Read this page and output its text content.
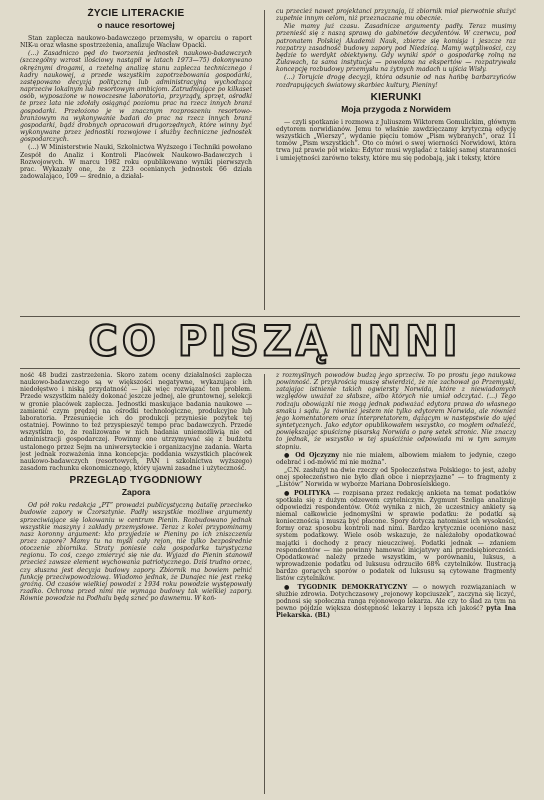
ŻYCIE LITERACKIE
o nauce resortowej

Stan zaplecza naukowo-badawczego przemysłu, w oparciu o raport NIK-u oraz własne spostrzeżenia, analizuje Wacław Opacki.

(...) Zasadniczo pęd do tworzenia jednostek naukowo-badawczych (szczególny wzrost ilościowy nastąpił w latach 1973—75) dokonywano okrężnymi drogami, a rzetelną analizę stanu zaplecza technicznego i kadry naukowej, a przede wszystkim zapotrzebowania gospodarki, zastępowano decyzją polityczną lub administracyjną wychodzącą naprzeciw lokalnym lub resortowym ambicjom. Zatrudniające po kilkaset osób, wyposażone w nowoczesne laboratoria, przyrządy, sprzęt, ośrodki te przez lata nie zdołały osiągnąć poziomu prac na rzecz innych branż gospodarki. Przełożono je w znacznym rozproszeniu resortowo-branżowym na wykonywanie badań do prac na rzecz innych branż gospodarki, bądź drobnych opracowań drugorzędnych, które winny być wykonywane przez jednostki rozwojowe i służby techniczne jednostek gospodarczych.

(...) W Ministerstwie Nauki, Szkolnictwa Wyższego i Techniki powołano Zespół do Analiz i Kontroli Placówek Naukowo-Badawczych i Rozwojowych. W marcu 1982 roku opublikowano wyniki pierwszych prac. Wykazały one, że z 223 ocenianych jednostek 66 działa zadowalająco, 109 — średnio, a działal-

cu przecież nawet projektanci przyznają, iż zbiornik miał pierwotnie służyć zupełnie innym celom, niż przeznaczane mu obecnie.

Nie mamy już czasu. Zasadnicze argumenty padły. Teraz musimy przenieść się z naszą sprawą do gabinetów decydentów. W czerwcu, pod patronatem Polskiej Akademii Nauk, zbierze się komisja i jeszcze raz rozpatrzy zasadność budowy zapory pod Niedzicą. Mamy wątpliwości, czy będzie to werdykt obiektywny. Gdy wyniki spór o gospodarkę rolną na Żuławach, ta sama instytucja — powołana na ekspertów — rozpatrywała koncepcję rozbudowy przemysłu na żytnych madach u ujścia Wisły.

(...) Torujcie drogę decyzji, która odsunie od nas hańbę barbarzyńców rozdrapujących światowy skarbiec kultury, Pieniny!

KIERUNKI
Moja przygoda z Norwidem

— czyli spotkanie i rozmowa z Juliuszem Wiktorem Gomulickim, głównym edytorem norwidianów. Jemu to właśnie zawdzięczamy krytyczną edycję wszystkich „Wierszy”, wydanie pięciu tomów „Pism wybranych”, oraz 11 tomów „Pism wszystkich”. Oto co mówi o swej wierności Norwidowi, która trwa już prawie pół wieku: Edytor musi wyglądać z takiej samej staranności i umiejętności zarówno teksty, które mu się podobają, jak i teksty, które

CO PISZĄ INNI

ność 48 budzi zastrzeżenia. Skoro zatem oceny działalności zaplecza naukowo-badawczego są w większości negatywne, wykazujące ich niedołęstwo i niską przydatność — jak więc rozwiązać ten problem. Przede wszystkim należy dokonać jeszcze jednej, ale gruntownej, selekcji w gronie placówek zaplecza. Jednostki maskujące badania naukowe — zamienić czym prędzej na ośrodki technologiczne, produkcyjne lub laboratoria. Przesunięcie ich do produkcji przyniesie pożytek tej ostatniej. Powinno to też przyspieszyć tempo prac badawczych. Przede wszystkim to, że realizowane w nich badania uniemożliwią nie od administracji gospodarczej. Powinny one utrzymywać się z budżetu ustalonego przez Sejm na uniwersyteckie i organizacyjne zadania. Warta jest jednak rozważenia inna koncepcja: poddania wszystkich placówek naukowo-badawczych (resortowych, PAN i szkolnictwa wyższego) zasadom rachunku ekonomicznego, który ujawni zasadne i użyteczność.

PRZEGLĄD TYGODNIOWY
Zapora

Od pół roku redakcja „PT” prowadzi publicystyczną batalię przeciwko budowie zapory w Czorsztynie. Padły wszystkie możliwe argumenty sprzeciwiające się lokowaniu w centrum Pienin. Rozbudowano jednak wszystkie maszyny i zakłady przemysłowe. Teraz z kolei przypominamy nasz koronny argument: kto przyjedzie w Pieniny po ich zniszczeniu przez zaporę? Mamy tu na myśli cały rejon, nie tylko bezpośrednie otoczenie zbiornika. Straty poniesie cała gospodarka turystyczna regionu. To coś, czego zmierzyć się nie da. Wyjazd do Pienin stanowił przecież zawsze element wychowania patriotycznego. Dziś trudno orzec, czy słuszna jest decyzja budowy zapory. Zbiornik ma bowiem pełnić funkcję przeciwpowodziową. Wiadomo jednak, że Dunajec nie jest rzeką groźną. Od czasów wielkiej powodzi z 1934 roku powodzie występowały rzadko. Ochrona przed nimi nie wymaga budowy tak wielkiej zapory. Równie powodzie na Podhalu będą szneć po dawnemu. W koń-

z rozmyślnych powodów budzą jego sprzeciw. To po prostu jego naukowa powinność. Z przykrością muszę stwierdzić, że nie zachował go Przemyski, zatajając istnienie takich ogwiersty Norwida, które z niewiadomych względów uważał za słabsze, albo których nie umiał odczytać. (...) Tego rodzaju obowiązki nie mogą jednak podważać edytora prawa do własnego smaku i sądu. Ja również jestem nie tylko edytorem Norwida, ale również jego komentatorem oraz interpretatorem, dążącym w następstwie do ujęć syntetycznych. Jako edytor opublikowałem wszystko, co mogłem odnaleźć, powiększając spuściznę pisarską Norwida o parę setek stronic. Nie znaczy to jednak, że wszystko w tej spuściźnie odpowiada mi w tym samym stopniu.

● Od Ojczyzny nie nie miałem, albowiem miałem to jedynie, czego odebrać i od-mówić mi nie można”.

„C.N. zasłużył na dwie rzeczy od Społeczeństwa Polskiego: to jest, ażeby onej społeczeństwo nie było dlań obce i nieprzyjazne” — to fragmenty z „Listów” Norwida w wyborze Mariana Dobrosielskiego.

● POLITYKA — rozpisana przez redakcję ankieta na temat podatków spotkała się z dużym odzewem czytelniczym. Zygmunt Szeliga analizuje odpowiedzi respondentów. Otóż wynika z nich, że uczestnicy ankiety są niemal całkowicie jednomyślni w sprawie podatku: że podatki są koniecznością i muszą być płacone. Spory dotyczą natomiast ich wysokości, formy oraz sposobu kontroli nad nimi. Bardzo krytycznie oceniono nasz system podatkowy. Wiele osób wskazuje, że należałoby opodatkować majątki i dochody z pracy nieuczciwej. Podatki jednak — zdaniem respondentów — nie powinny hamować inicjatywy ani przedsiębiorczości. Opodatkować należy przede wszystkim, w porównaniu, luksus, a wprowadzenie podatku od luksusu odrzuciło 68% czytelników. Ilustracją bardzo gorących sporów o podatek od luksusu są cytowane fragmenty listów czytelników.

● TYGODNIK DEMOKRATYCZNY — o nowych rozwiązaniach w służbie zdrowia. Dotychczasowy „rejonowy kopciuszek”, zaczyna się liczyć, podnosi się społeczna ranga rejonowego lekarza. Ale czy to ślad za tym na pewno pójdzie większa dostępność lekarzy i lepsza ich jakość? pyta Ina Piekarska. (BL)
